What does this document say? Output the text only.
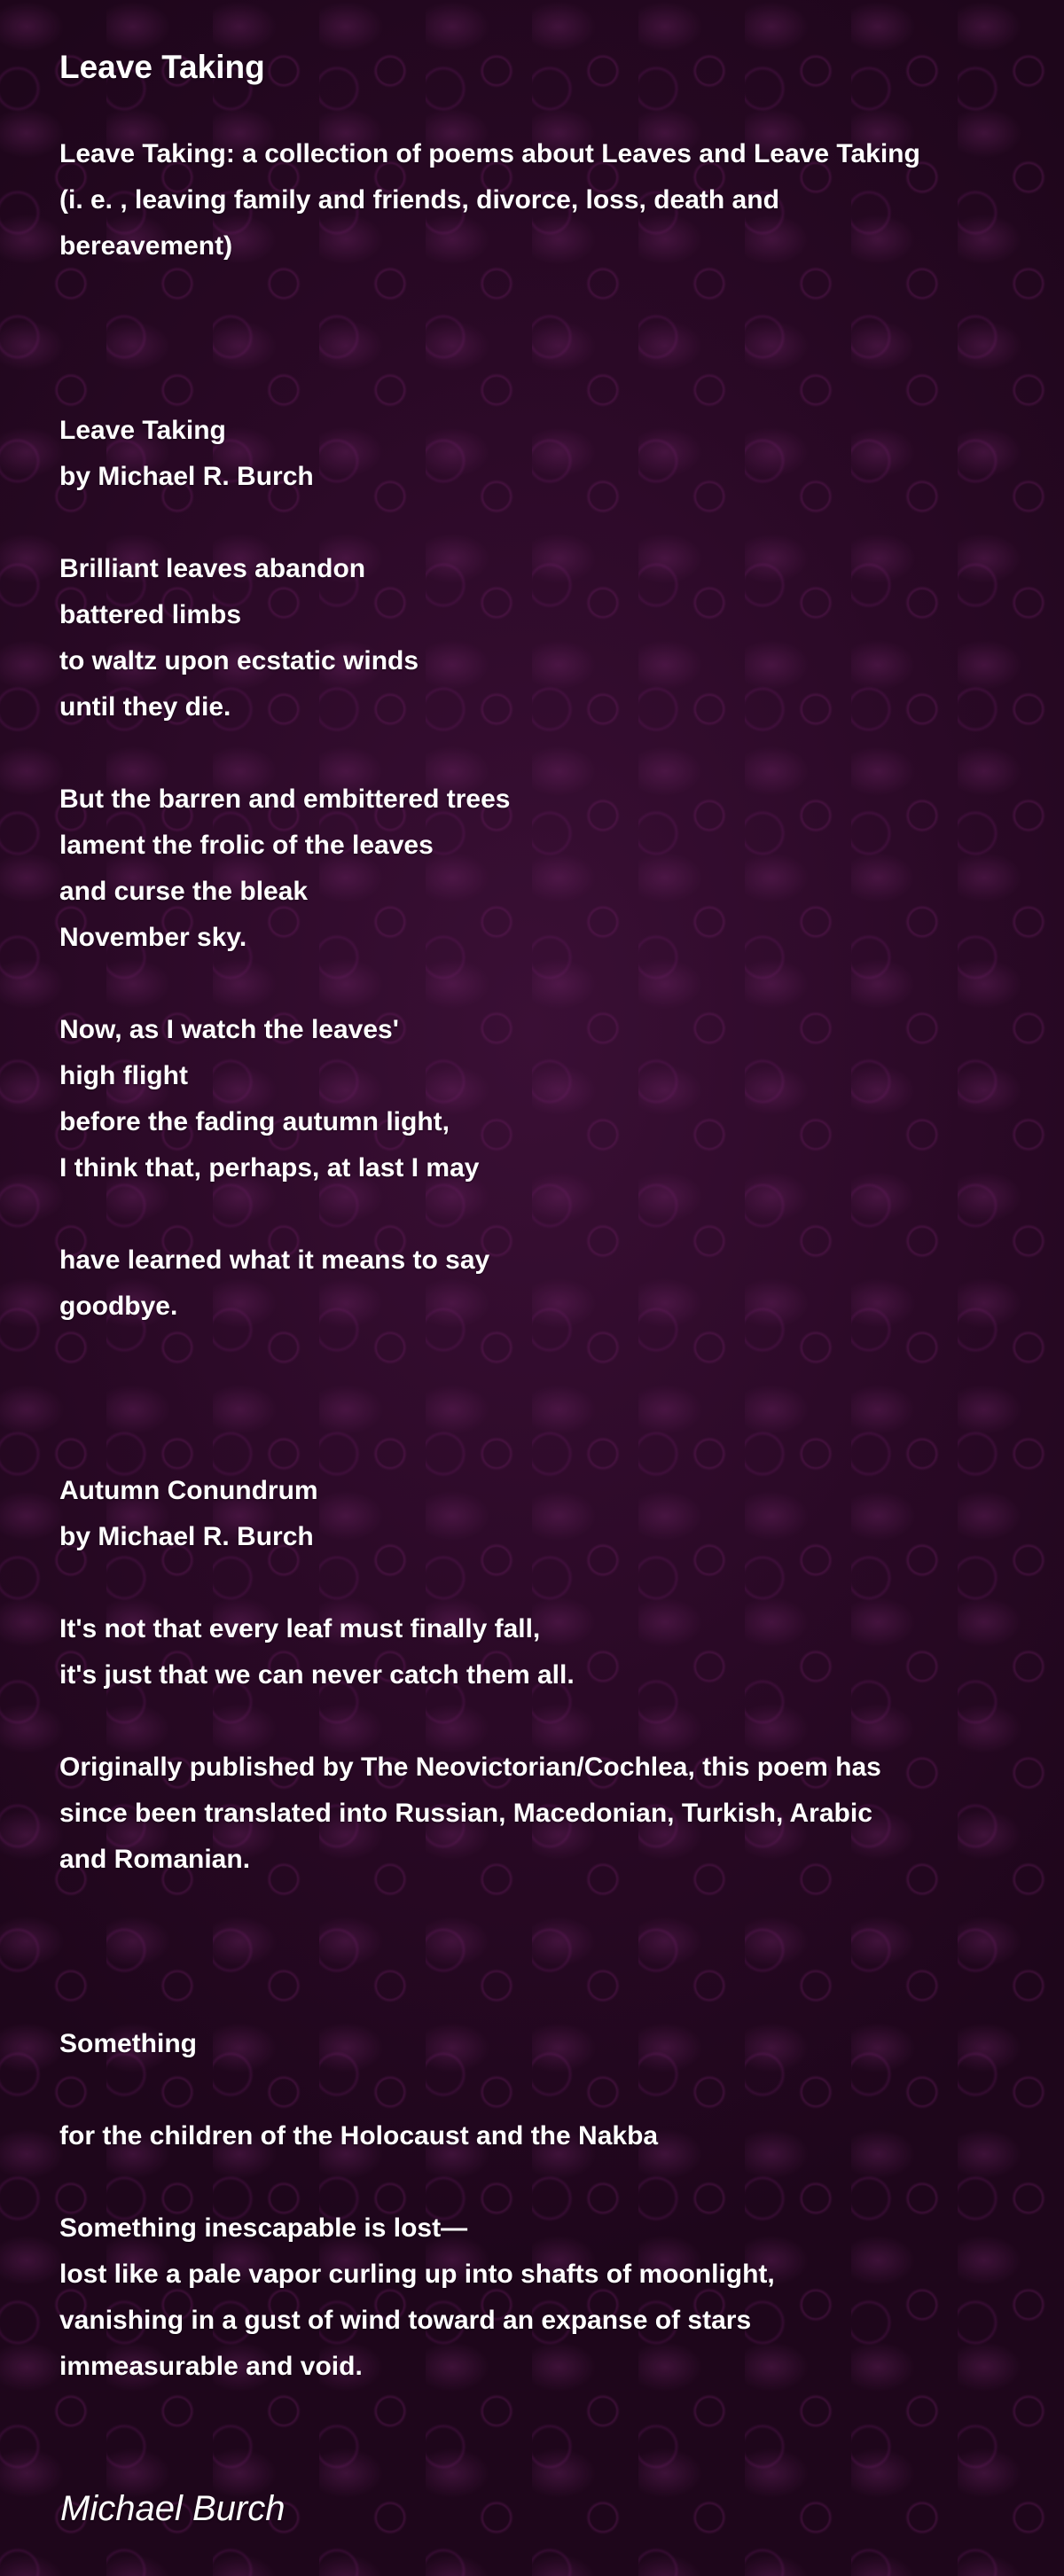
Leave Taking
Leave Taking: a collection of poems about Leaves and Leave Taking
(i. e. , leaving family and friends, divorce, loss, death and
bereavement)
Leave Taking
by Michael R. Burch
Brilliant leaves abandon
battered limbs
to waltz upon ecstatic winds
until they die.
But the barren and embittered trees
lament the frolic of the leaves
and curse the bleak
November sky.
Now, as I watch the leaves'
high flight
before the fading autumn light,
I think that, perhaps, at last I may
have learned what it means to say
goodbye.
Autumn Conundrum
by Michael R. Burch
It's not that every leaf must finally fall,
it's just that we can never catch them all.
Originally published by The Neovictorian/Cochlea, this poem has
since been translated into Russian, Macedonian, Turkish, Arabic
and Romanian.
Something
for the children of the Holocaust and the Nakba
Something inescapable is lost—
lost like a pale vapor curling up into shafts of moonlight,
vanishing in a gust of wind toward an expanse of stars
immeasurable and void.
Michael Burch
